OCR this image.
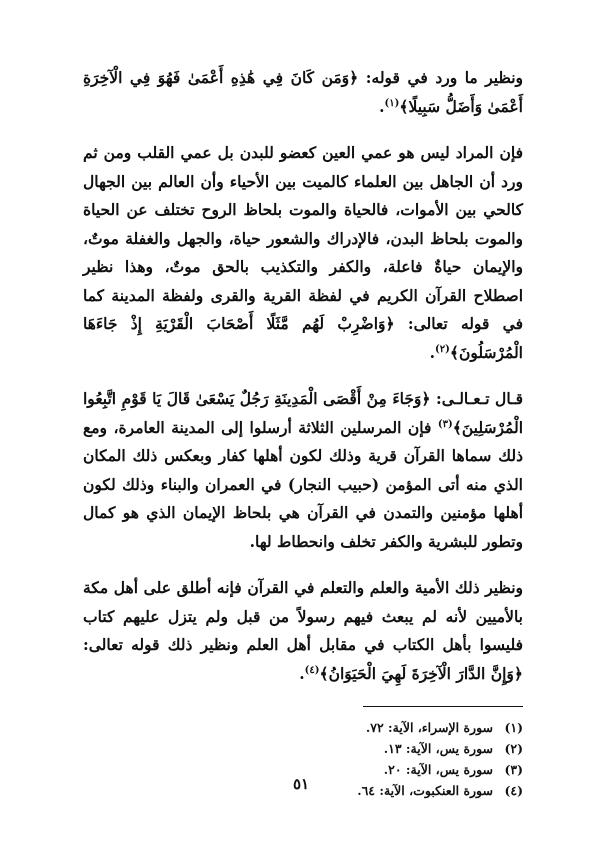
ونظير ما ورد في قوله: ﴿وَمَن كَانَ فِي هَٰذِهِ أَعْمَىٰ فَهُوَ فِي الْآخِرَةِ أَعْمَىٰ وَأَضَلُّ سَبِيلًا﴾$^{(١)}$.

فإن المراد ليس هو عمي العين كعضو للبدن بل عمي القلب ومن ثم ورد أن الجاهل بين العلماء كالميت بين الأحياء وأن العالم بين الجهال كالحي بين الأموات، فالحياة والموت بلحاظ الروح تختلف عن الحياة والموت بلحاظ البدن، فالإدراك والشعور حياة، والجهل والغفلة موتٌ، والإيمان حياةٌ فاعلة، والكفر والتكذيب بالحق موتٌ، وهذا نظير اصطلاح القرآن الكريم في لفظة القرية والقرى ولفظة المدينة كما في قوله تعالى: ﴿وَاضْرِبْ لَهُم مَّثَلًا أَصْحَابَ الْقَرْيَةِ إِذْ جَاءَهَا الْمُرْسَلُونَ﴾$^{(٢)}$.

قـال تـعـالـى: ﴿وَجَاءَ مِنْ أَقْصَى الْمَدِينَةِ رَجُلٌ يَسْعَىٰ قَالَ يَا قَوْمِ اتَّبِعُوا الْمُرْسَلِينَ﴾$^{(٣)}$ فإن المرسلين الثلاثة أرسلوا إلى المدينة العامرة، ومع ذلك سماها القرآن قرية وذلك لكون أهلها كفار وبعكس ذلك المكان الذي منه أتى المؤمن (حبيب النجار) في العمران والبناء وذلك لكون أهلها مؤمنين والتمدن في القرآن هي بلحاظ الإيمان الذي هو كمال وتطور للبشرية والكفر تخلف وانحطاط لها.

ونظير ذلك الأمية والعلم والتعلم في القرآن فإنه أطلق على أهل مكة بالأميين لأنه لم يبعث فيهم رسولاً من قبل ولم يتزل عليهم كتاب فليسوا بأهل الكتاب في مقابل أهل العلم ونظير ذلك قوله تعالى: ﴿وَإِنَّ الدَّارَ الْآخِرَةَ لَهِيَ الْحَيَوَانُ﴾$^{(٤)}$.

(١)
سورة الإسراء، الآية: ٧٢.
(٢)
سورة يس، الآية: ١٣.
(٣)
سورة يس، الآية: ٢٠.
(٤)
سورة العنكبوت، الآية: ٦٤.
٥١
